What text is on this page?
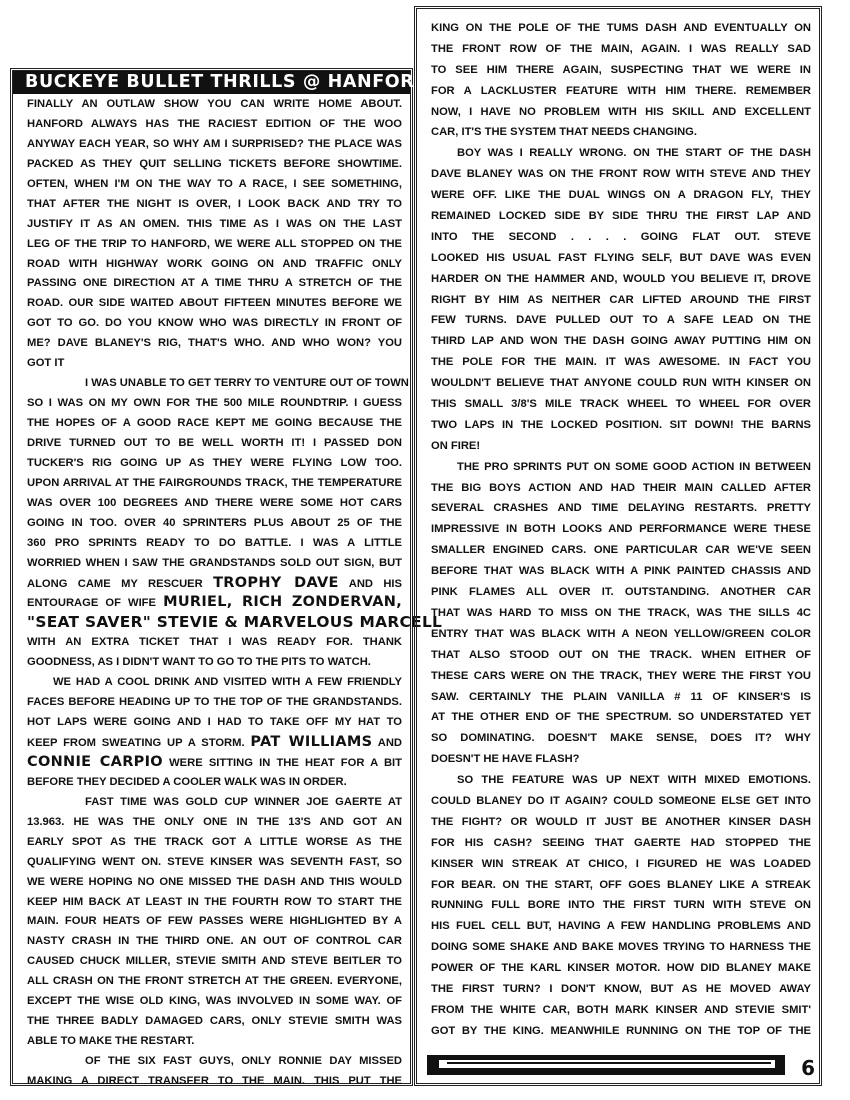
BUCKEYE BULLET THRILLS @ HANFORD
FINALLY AN OUTLAW SHOW YOU CAN WRITE HOME ABOUT.
HANFORD ALWAYS HAS THE RACIEST EDITION OF THE WOO
ANYWAY EACH YEAR, SO WHY AM I SURPRISED? THE PLACE WAS
PACKED AS THEY QUIT SELLING TICKETS BEFORE SHOWTIME.
OFTEN, WHEN I'M ON THE WAY TO A RACE, I SEE SOMETHING,
THAT AFTER THE NIGHT IS OVER, I LOOK BACK AND TRY TO
JUSTIFY IT AS AN OMEN. THIS TIME AS I WAS ON THE LAST
LEG OF THE TRIP TO HANFORD, WE WERE ALL STOPPED ON THE
ROAD WITH HIGHWAY WORK GOING ON AND TRAFFIC ONLY
PASSING ONE DIRECTION AT A TIME THRU A STRETCH OF THE
ROAD. OUR SIDE WAITED ABOUT FIFTEEN MINUTES BEFORE WE
GOT TO GO. DO YOU KNOW WHO WAS DIRECTLY IN FRONT OF
ME? DAVE BLANEY'S RIG, THAT'S WHO. AND WHO WON? YOU
GOT IT
I WAS UNABLE TO GET TERRY TO VENTURE OUT OF TOWN
SO I WAS ON MY OWN FOR THE 500 MILE ROUNDTRIP. I GUESS
THE HOPES OF A GOOD RACE KEPT ME GOING BECAUSE THE
DRIVE TURNED OUT TO BE WELL WORTH IT! I PASSED DON
TUCKER'S RIG GOING UP AS THEY WERE FLYING LOW TOO.
UPON ARRIVAL AT THE FAIRGROUNDS TRACK, THE TEMPERATURE
WAS OVER 100 DEGREES AND THERE WERE SOME HOT CARS
GOING IN TOO. OVER 40 SPRINTERS PLUS ABOUT 25 OF THE
360 PRO SPRINTS READY TO DO BATTLE. I WAS A LITTLE
WORRIED WHEN I SAW THE GRANDSTANDS SOLD OUT SIGN, BUT
ALONG CAME MY RESCUER TROPHY DAVE AND HIS
ENTOURAGE OF WIFE MURIEL, RICH ZONDERVAN,
"SEAT SAVER" STEVIE & MARVELOUS MARCELL
WITH AN EXTRA TICKET THAT I WAS READY FOR. THANK
GOODNESS, AS I DIDN'T WANT TO GO TO THE PITS TO WATCH.
WE HAD A COOL DRINK AND VISITED WITH A FEW FRIENDLY
FACES BEFORE HEADING UP TO THE TOP OF THE GRANDSTANDS.
HOT LAPS WERE GOING AND I HAD TO TAKE OFF MY HAT TO
KEEP FROM SWEATING UP A STORM. PAT WILLIAMS AND
CONNIE CARPIO WERE SITTING IN THE HEAT FOR A BIT
BEFORE THEY DECIDED A COOLER WALK WAS IN ORDER.
FAST TIME WAS GOLD CUP WINNER JOE GAERTE AT
13.963. HE WAS THE ONLY ONE IN THE 13'S AND GOT AN
EARLY SPOT AS THE TRACK GOT A LITTLE WORSE AS THE
QUALIFYING WENT ON. STEVE KINSER WAS SEVENTH FAST, SO
WE WERE HOPING NO ONE MISSED THE DASH AND THIS WOULD
KEEP HIM BACK AT LEAST IN THE FOURTH ROW TO START THE
MAIN. FOUR HEATS OF FEW PASSES WERE HIGHLIGHTED BY A
NASTY CRASH IN THE THIRD ONE. AN OUT OF CONTROL CAR
CAUSED CHUCK MILLER, STEVIE SMITH AND STEVE BEITLER TO
ALL CRASH ON THE FRONT STRETCH AT THE GREEN. EVERYONE,
EXCEPT THE WISE OLD KING, WAS INVOLVED IN SOME WAY. OF
THE THREE BADLY DAMAGED CARS, ONLY STEVIE SMITH WAS
ABLE TO MAKE THE RESTART.
OF THE SIX FAST GUYS, ONLY RONNIE DAY MISSED
MAKING A DIRECT TRANSFER TO THE MAIN. THIS PUT THE
KING ON THE POLE OF THE TUMS DASH AND EVENTUALLY ON
THE FRONT ROW OF THE MAIN, AGAIN. I WAS REALLY SAD
TO SEE HIM THERE AGAIN, SUSPECTING THAT WE WERE IN
FOR A LACKLUSTER FEATURE WITH HIM THERE. REMEMBER
NOW, I HAVE NO PROBLEM WITH HIS SKILL AND EXCELLENT
CAR, IT'S THE SYSTEM THAT NEEDS CHANGING.
BOY WAS I REALLY WRONG. ON THE START OF THE DASH
DAVE BLANEY WAS ON THE FRONT ROW WITH STEVE AND THEY
WERE OFF. LIKE THE DUAL WINGS ON A DRAGON FLY, THEY
REMAINED LOCKED SIDE BY SIDE THRU THE FIRST LAP AND
INTO THE SECOND . . . . GOING FLAT OUT. STEVE
LOOKED HIS USUAL FAST FLYING SELF, BUT DAVE WAS EVEN
HARDER ON THE HAMMER AND, WOULD YOU BELIEVE IT, DROVE
RIGHT BY HIM AS NEITHER CAR LIFTED AROUND THE FIRST
FEW TURNS. DAVE PULLED OUT TO A SAFE LEAD ON THE
THIRD LAP AND WON THE DASH GOING AWAY PUTTING HIM ON
THE POLE FOR THE MAIN. IT WAS AWESOME. IN FACT YOU
WOULDN'T BELIEVE THAT ANYONE COULD RUN WITH KINSER ON
THIS SMALL 3/8'S MILE TRACK WHEEL TO WHEEL FOR OVER
TWO LAPS IN THE LOCKED POSITION. SIT DOWN! THE BARNS
ON FIRE!
THE PRO SPRINTS PUT ON SOME GOOD ACTION IN BETWEEN
THE BIG BOYS ACTION AND HAD THEIR MAIN CALLED AFTER
SEVERAL CRASHES AND TIME DELAYING RESTARTS. PRETTY
IMPRESSIVE IN BOTH LOOKS AND PERFORMANCE WERE THESE
SMALLER ENGINED CARS. ONE PARTICULAR CAR WE'VE SEEN
BEFORE THAT WAS BLACK WITH A PINK PAINTED CHASSIS AND
PINK FLAMES ALL OVER IT. OUTSTANDING. ANOTHER CAR
THAT WAS HARD TO MISS ON THE TRACK, WAS THE SILLS 4C
ENTRY THAT WAS BLACK WITH A NEON YELLOW/GREEN COLOR
THAT ALSO STOOD OUT ON THE TRACK. WHEN EITHER OF
THESE CARS WERE ON THE TRACK, THEY WERE THE FIRST YOU
SAW. CERTAINLY THE PLAIN VANILLA # 11 OF KINSER'S IS
AT THE OTHER END OF THE SPECTRUM. SO UNDERSTATED YET
SO DOMINATING. DOESN'T MAKE SENSE, DOES IT? WHY
DOESN'T HE HAVE FLASH?
SO THE FEATURE WAS UP NEXT WITH MIXED EMOTIONS.
COULD BLANEY DO IT AGAIN? COULD SOMEONE ELSE GET INTO
THE FIGHT? OR WOULD IT JUST BE ANOTHER KINSER DASH
FOR HIS CASH? SEEING THAT GAERTE HAD STOPPED THE
KINSER WIN STREAK AT CHICO, I FIGURED HE WAS LOADED
FOR BEAR. ON THE START, OFF GOES BLANEY LIKE A STREAK
RUNNING FULL BORE INTO THE FIRST TURN WITH STEVE ON
HIS FUEL CELL BUT, HAVING A FEW HANDLING PROBLEMS AND
DOING SOME SHAKE AND BAKE MOVES TRYING TO HARNESS THE
POWER OF THE KARL KINSER MOTOR. HOW DID BLANEY MAKE
THE FIRST TURN? I DON'T KNOW, BUT AS HE MOVED AWAY
FROM THE WHITE CAR, BOTH MARK KINSER AND STEVIE SMIT'
GOT BY THE KING. MEANWHILE RUNNING ON THE TOP OF THE
6
